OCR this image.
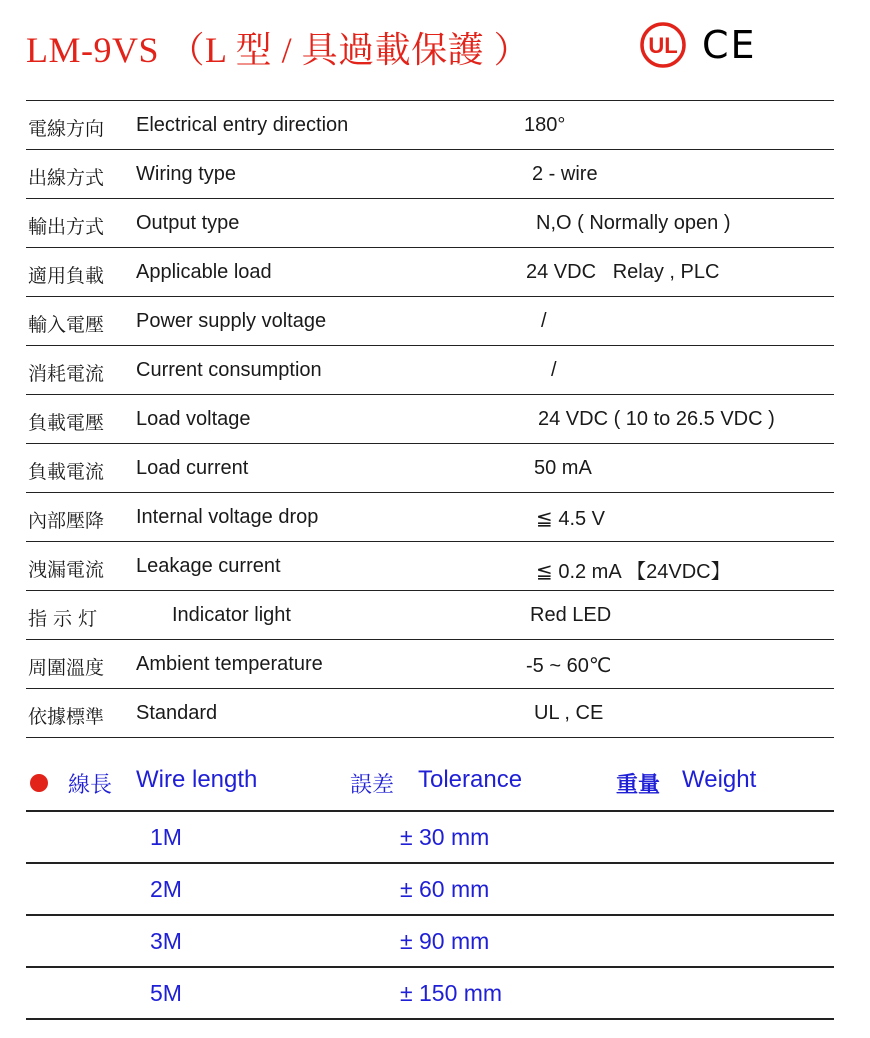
LM-9VS （L 型 / 具過載保護 ）	UL CE
電線方向 Electrical entry direction	180°
出線方式 Wiring type	2 - wire
輸出方式 Output type	N,O ( Normally open )
適用負載 Applicable load	24 VDC   Relay , PLC
輸入電壓 Power supply voltage	/
消耗電流 Current consumption	/
負載電壓 Load voltage	24 VDC ( 10 to 26.5 VDC )
負載電流 Load current	50 mA
內部壓降 Internal voltage drop	≦ 4.5 V
洩漏電流 Leakage current	≦ 0.2 mA 【24VDC】
指 示 灯	Indicator light	Red LED
周圍溫度 Ambient temperature	-5 ~ 60℃
依據標準 Standard	UL , CE
線長 Wire length	誤差 Tolerance	重量 Weight
1M	± 30 mm
2M	± 60 mm
3M	± 90 mm
5M	± 150 mm
